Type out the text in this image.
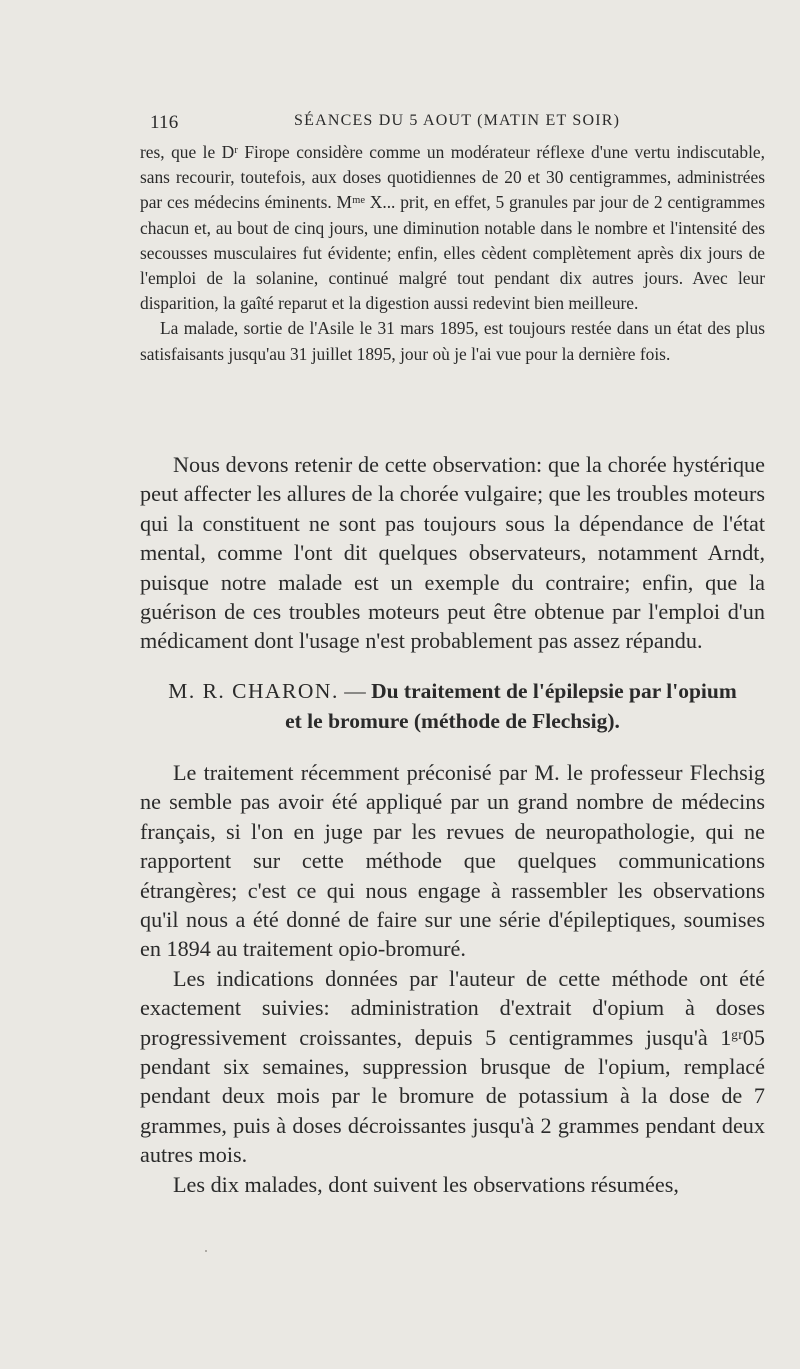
116	SÉANCES DU 5 AOUT (MATIN ET SOIR)

res, que le Dʳ Firope considère comme un modérateur réflexe d'une vertu indiscutable, sans recourir, toutefois, aux doses quotidiennes de 20 et 30 centigrammes, administrées par ces médecins éminents. Mᵐᵉ X... prit, en effet, 5 granules par jour de 2 centigrammes chacun et, au bout de cinq jours, une diminution notable dans le nombre et l'intensité des secousses musculaires fut évidente; enfin, elles cèdent complètement après dix jours de l'emploi de la solanine, continué malgré tout pendant dix autres jours. Avec leur disparition, la gaîté reparut et la digestion aussi redevint bien meilleure.

La malade, sortie de l'Asile le 31 mars 1895, est toujours restée dans un état des plus satisfaisants jusqu'au 31 juillet 1895, jour où je l'ai vue pour la dernière fois.

Nous devons retenir de cette observation: que la chorée hystérique peut affecter les allures de la chorée vulgaire; que les troubles moteurs qui la constituent ne sont pas toujours sous la dépendance de l'état mental, comme l'ont dit quelques observateurs, notamment Arndt, puisque notre malade est un exemple du contraire; enfin, que la guérison de ces troubles moteurs peut être obtenue par l'emploi d'un médicament dont l'usage n'est probablement pas assez répandu.

M. R. CHARON. — Du traitement de l'épilepsie par l'opium
et le bromure (méthode de Flechsig).

Le traitement récemment préconisé par M. le professeur Flechsig ne semble pas avoir été appliqué par un grand nombre de médecins français, si l'on en juge par les revues de neuropathologie, qui ne rapportent sur cette méthode que quelques communications étrangères; c'est ce qui nous engage à rassembler les observations qu'il nous a été donné de faire sur une série d'épileptiques, soumises en 1894 au traitement opio-bromuré.

Les indications données par l'auteur de cette méthode ont été exactement suivies: administration d'extrait d'opium à doses progressivement croissantes, depuis 5 centigrammes jusqu'à 1ᵍʳ05 pendant six semaines, suppression brusque de l'opium, remplacé pendant deux mois par le bromure de potassium à la dose de 7 grammes, puis à doses décroissantes jusqu'à 2 grammes pendant deux autres mois.

Les dix malades, dont suivent les observations résumées,
